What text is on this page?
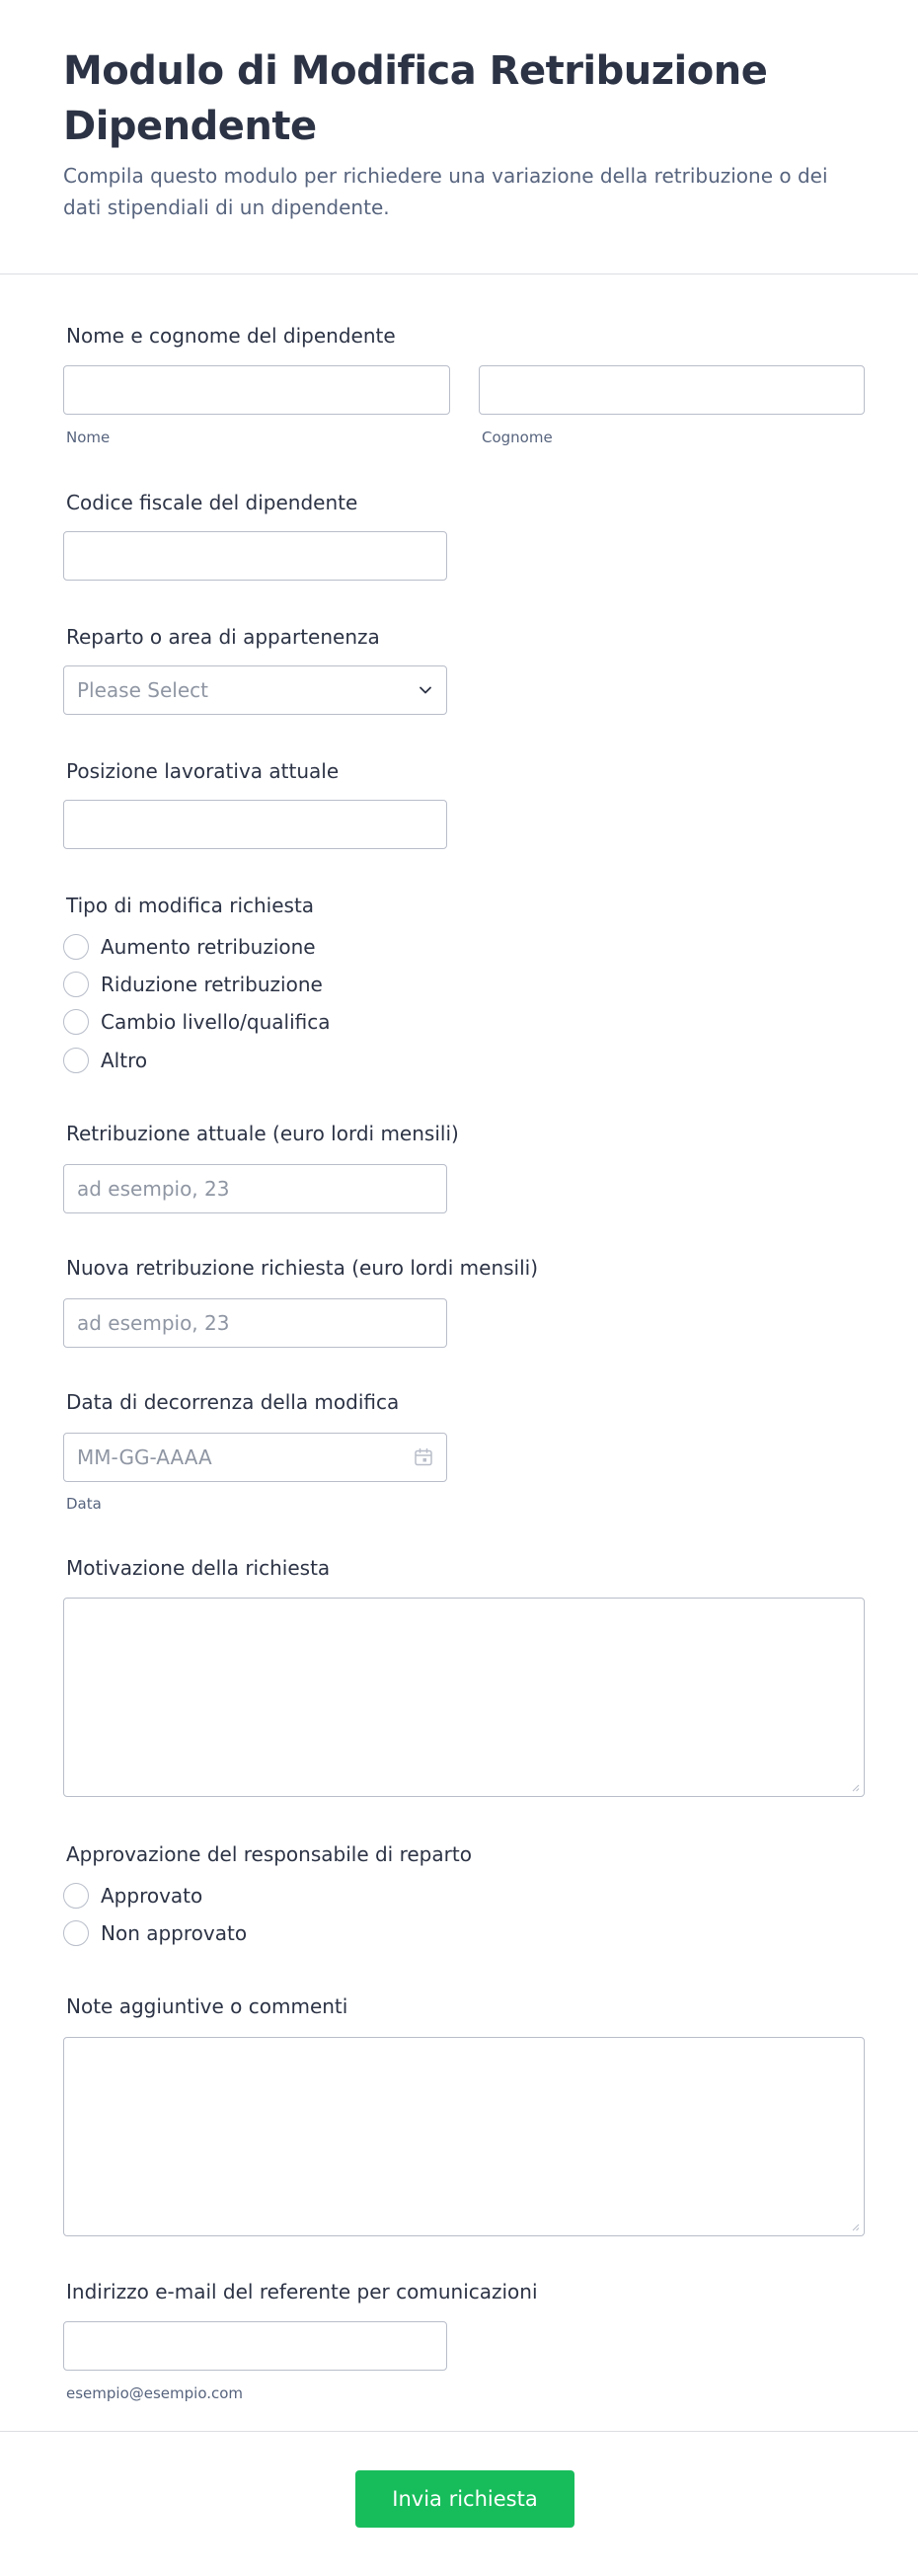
Modulo di Modifica Retribuzione Dipendente

Compila questo modulo per richiedere una variazione della retribuzione o dei dati stipendiali di un dipendente.

Nome e cognome del dipendente
Nome	Cognome
Codice fiscale del dipendente
Reparto o area di appartenenza
Please Select
Posizione lavorativa attuale
Tipo di modifica richiesta
Aumento retribuzione
Riduzione retribuzione
Cambio livello/qualifica
Altro
Retribuzione attuale (euro lordi mensili)
ad esempio, 23
Nuova retribuzione richiesta (euro lordi mensili)
ad esempio, 23
Data di decorrenza della modifica
MM-GG-AAAA
Data
Motivazione della richiesta
Approvazione del responsabile di reparto
Approvato
Non approvato
Note aggiuntive o commenti
Indirizzo e-mail del referente per comunicazioni
esempio@esempio.com
Invia richiesta
